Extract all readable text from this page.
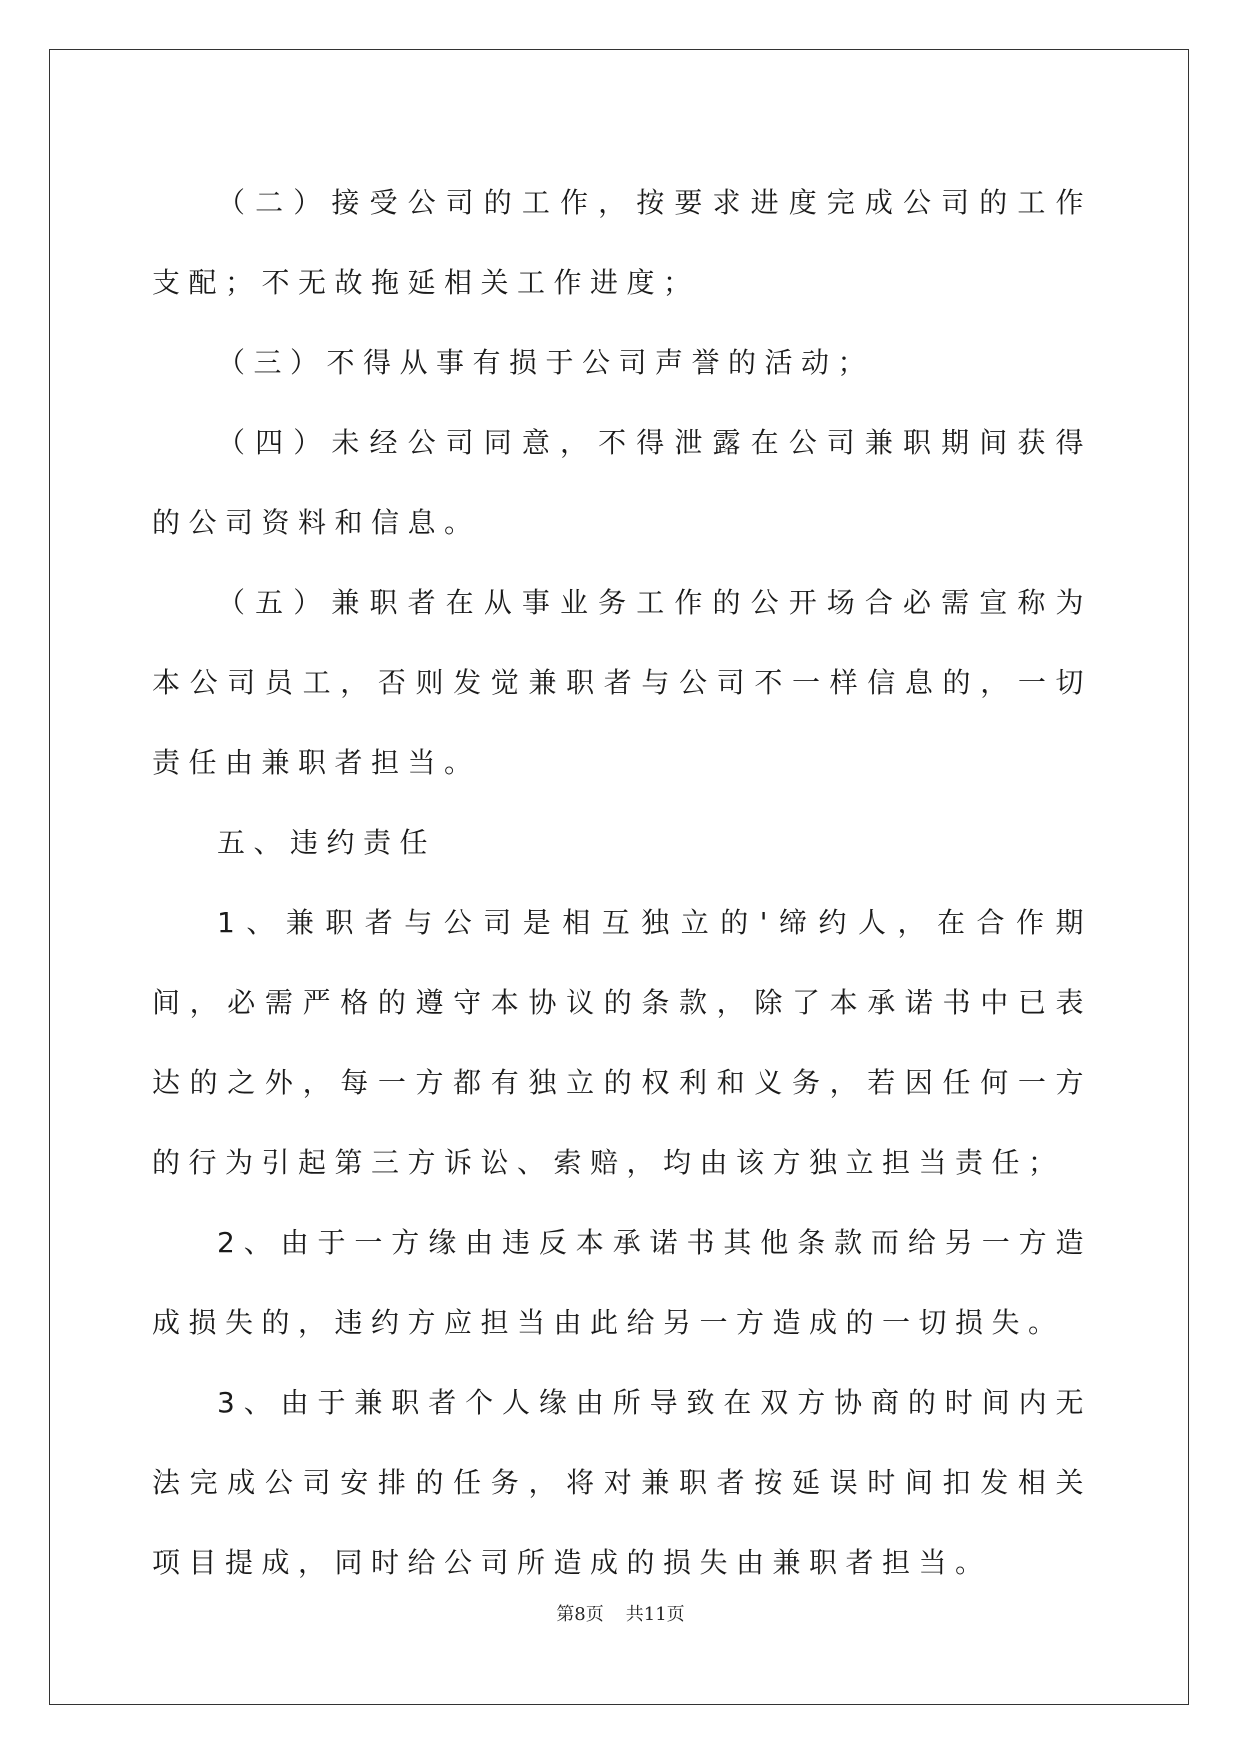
（二）接受公司的工作，按要求进度完成公司的工作支配；不无故拖延相关工作进度；

（三）不得从事有损于公司声誉的活动；

（四）未经公司同意，不得泄露在公司兼职期间获得的公司资料和信息。

（五）兼职者在从事业务工作的公开场合必需宣称为本公司员工，否则发觉兼职者与公司不一样信息的，一切责任由兼职者担当。

五、违约责任

1、兼职者与公司是相互独立的'缔约人，在合作期间，必需严格的遵守本协议的条款，除了本承诺书中已表达的之外，每一方都有独立的权利和义务，若因任何一方的行为引起第三方诉讼、索赔，均由该方独立担当责任；

2、由于一方缘由违反本承诺书其他条款而给另一方造成损失的，违约方应担当由此给另一方造成的一切损失。

3、由于兼职者个人缘由所导致在双方协商的时间内无法完成公司安排的任务，将对兼职者按延误时间扣发相关项目提成，同时给公司所造成的损失由兼职者担当。

第8页 共11页
